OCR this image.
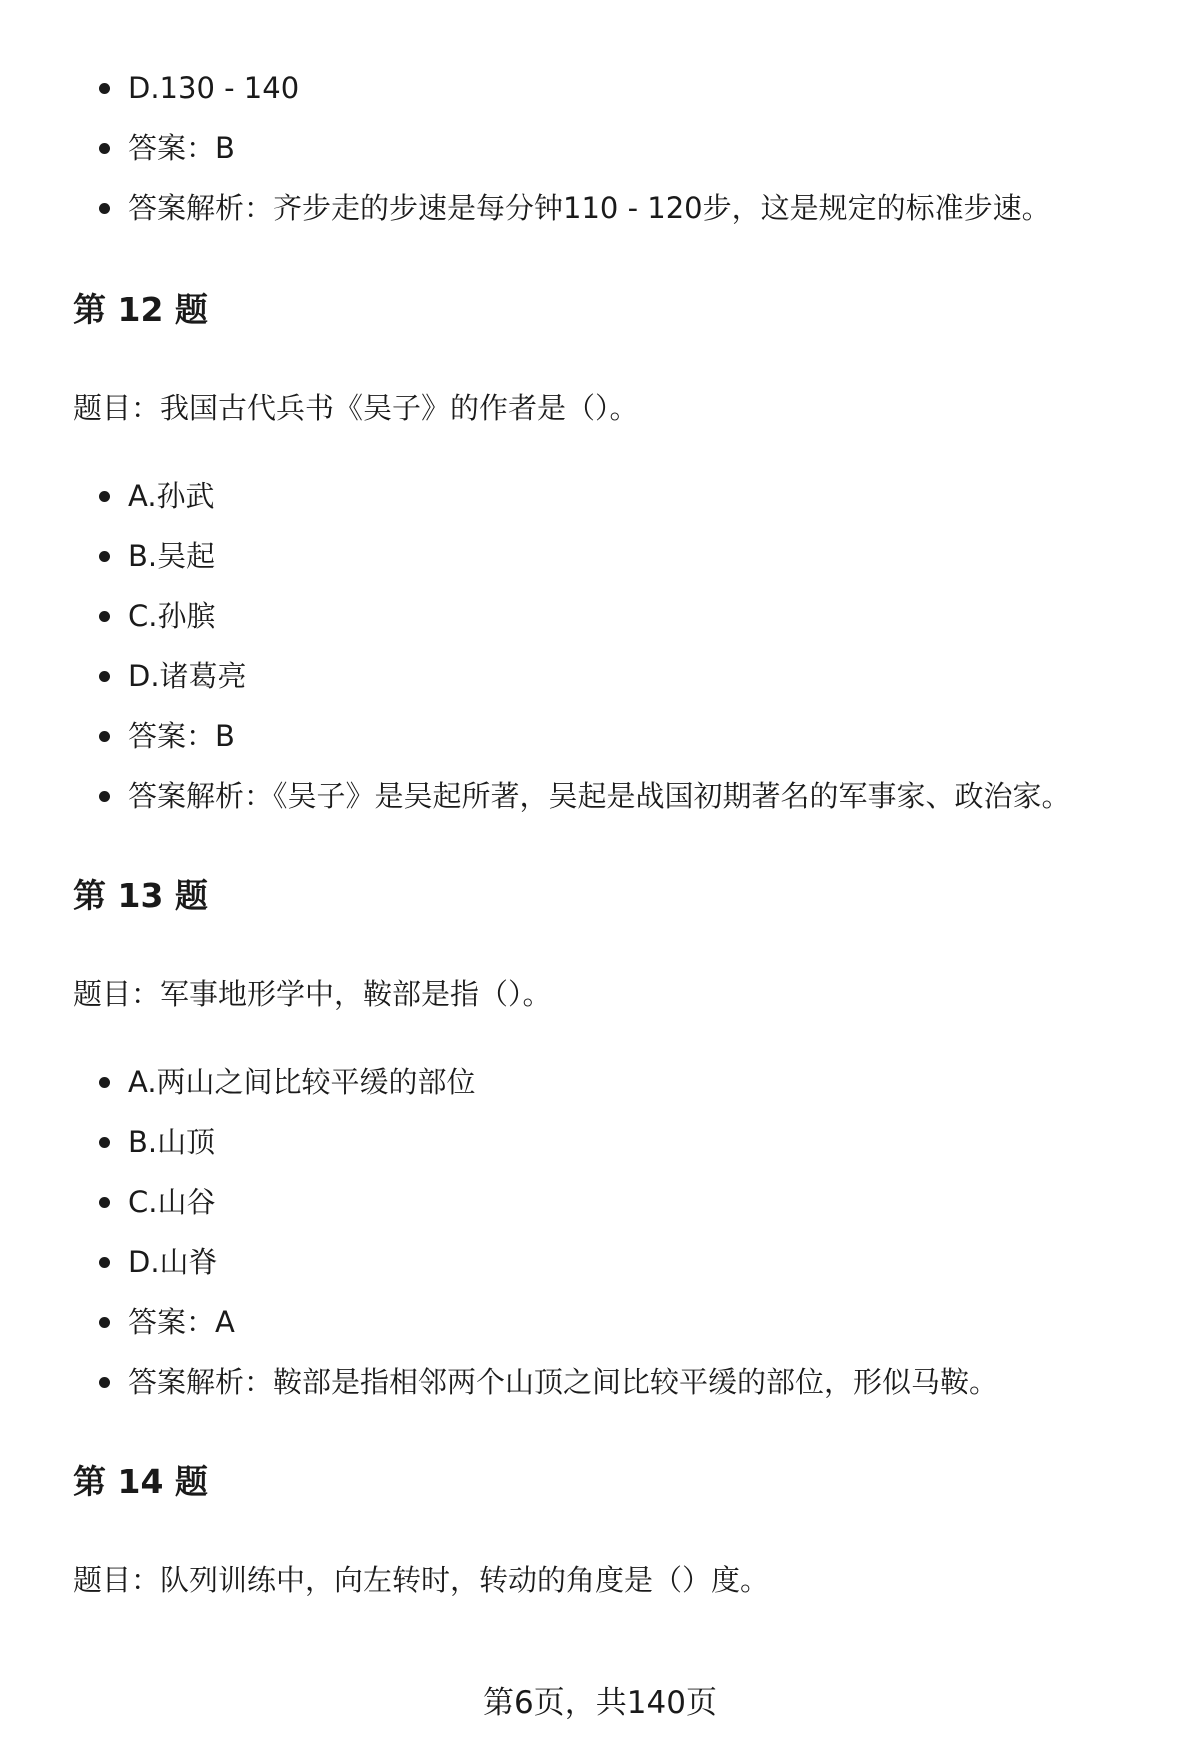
D.130 - 140
答案：B
答案解析：齐步走的步速是每分钟110 - 120步，这是规定的标准步速。
第 12 题
题目：我国古代兵书《吴子》的作者是（）。
A.孙武
B.吴起
C.孙膑
D.诸葛亮
答案：B
答案解析：《吴子》是吴起所著，吴起是战国初期著名的军事家、政治家。
第 13 题
题目：军事地形学中，鞍部是指（）。
A.两山之间比较平缓的部位
B.山顶
C.山谷
D.山脊
答案：A
答案解析：鞍部是指相邻两个山顶之间比较平缓的部位，形似马鞍。
第 14 题
题目：队列训练中，向左转时，转动的角度是（）度。
第6页，共140页
